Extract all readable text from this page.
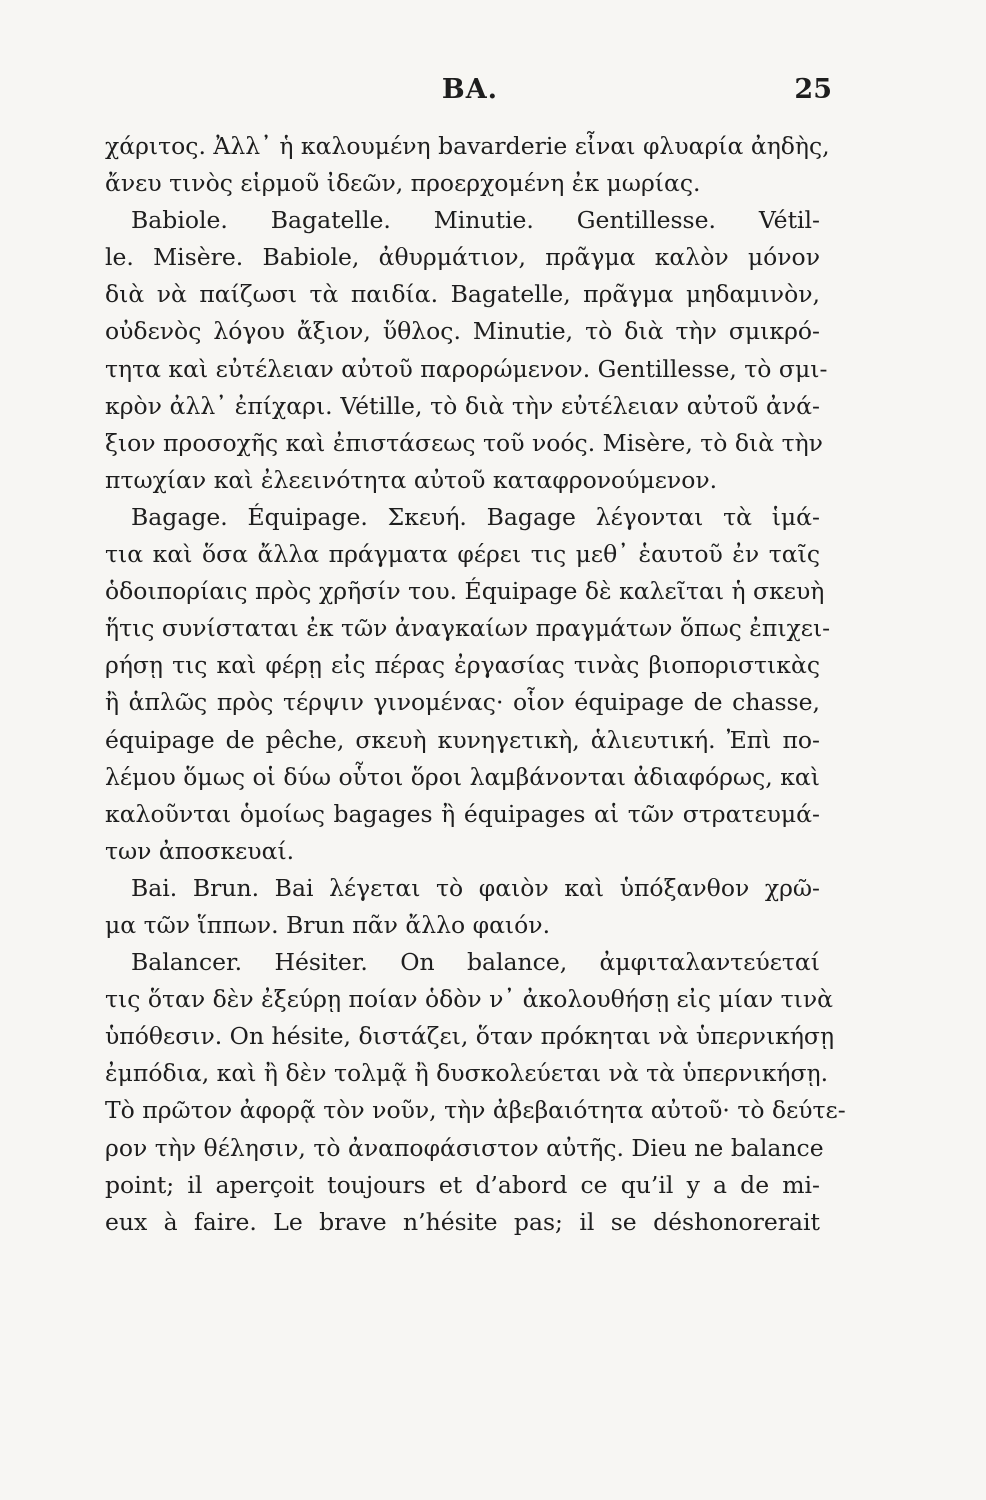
ΒΑ.	25
χάριτος. Ἀλλ᾽ ἡ καλουμένη bavarderie εἶναι φλυαρία ἀηδὴς,
ἄνευ τινὸς εἱρμοῦ ἰδεῶν, προερχομένη ἐκ μωρίας.
Babiole. Bagatelle. Minutie. Gentillesse. Vétil-
le. Misère. Babiole, ἀθυρμάτιον, πρᾶγμα καλὸν μόνον
διὰ νὰ παίζωσι τὰ παιδία. Bagatelle, πρᾶγμα μηδαμινὸν,
οὐδενὸς λόγου ἄξιον, ὕθλος. Minutie, τὸ διὰ τὴν σμικρό-
τητα καὶ εὐτέλειαν αὐτοῦ παρορώμενον. Gentillesse, τὸ σμι-
κρὸν ἀλλ᾽ ἐπίχαρι. Vétille, τὸ διὰ τὴν εὐτέλειαν αὐτοῦ ἀνά-
ξιον προσοχῆς καὶ ἐπιστάσεως τοῦ νοός. Misère, τὸ διὰ τὴν
πτωχίαν καὶ ἐλεεινότητα αὐτοῦ καταφρονούμενον.
Bagage. Équipage. Σκευή. Bagage λέγονται τὰ ἱμά-
τια καὶ ὅσα ἄλλα πράγματα φέρει τις μεθ᾽ ἑαυτοῦ ἐν ταῖς
ὁδοιπορίαις πρὸς χρῆσίν του. Équipage δὲ καλεῖται ἡ σκευὴ
ἥτις συνίσταται ἐκ τῶν ἀναγκαίων πραγμάτων ὅπως ἐπιχει-
ρήσῃ τις καὶ φέρῃ εἰς πέρας ἐργασίας τινὰς βιοποριστικὰς
ἢ ἁπλῶς πρὸς τέρψιν γινομένας· οἷον équipage de chasse,
équipage de pêche, σκευὴ κυνηγετικὴ, ἁλιευτική. Ἐπὶ πο-
λέμου ὅμως οἱ δύω οὗτοι ὅροι λαμβάνονται ἀδιαφόρως, καὶ
καλοῦνται ὁμοίως bagages ἢ équipages αἱ τῶν στρατευμά-
των ἀποσκευαί.
Bai. Brun. Bai λέγεται τὸ φαιὸν καὶ ὑπόξανθον χρῶ-
μα τῶν ἵππων. Brun πᾶν ἄλλο φαιόν.
Balancer. Hésiter. On balance, ἀμφιταλαντεύεταί
τις ὅταν δὲν ἐξεύρῃ ποίαν ὁδὸν ν᾽ ἀκολουθήσῃ εἰς μίαν τινὰ
ὑπόθεσιν. On hésite, διστάζει, ὅταν πρόκηται νὰ ὑπερνικήσῃ
ἐμπόδια, καὶ ἢ δὲν τολμᾷ ἢ δυσκολεύεται νὰ τὰ ὑπερνικήσῃ.
Τὸ πρῶτον ἀφορᾷ τὸν νοῦν, τὴν ἀβεβαιότητα αὐτοῦ· τὸ δεύτε-
ρον τὴν θέλησιν, τὸ ἀναποφάσιστον αὐτῆς. Dieu ne balance
point; il aperçoit toujours et d’abord ce qu’il y a de mi-
eux à faire. Le brave n’hésite pas; il se déshonorerait
